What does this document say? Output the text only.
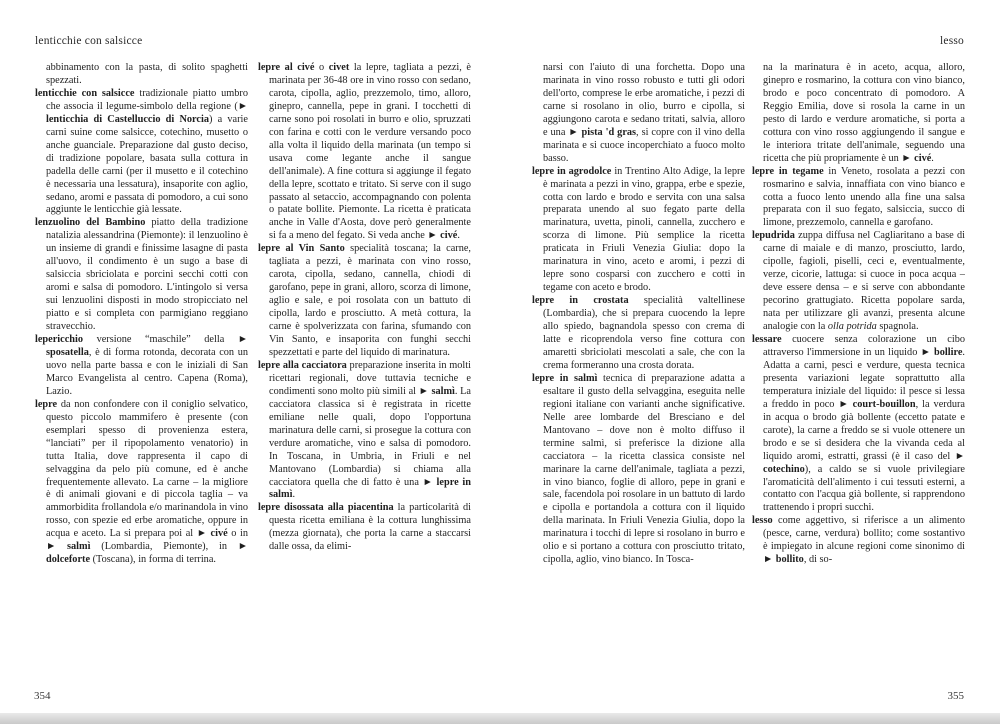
lenticchie con salsicce	lesso

abbinamento con la pasta, di solito spaghetti spezzati.

lenticchie con salsicce tradizionale piatto umbro che associa il legume-simbolo della regione (► lenticchia di Castelluccio di Norcia) a varie carni suine come salsicce, cotechino, musetto o anche guanciale. Preparazione dal gusto deciso, di tradizione popolare, basata sulla cottura in padella delle carni (per il musetto e il cotechino è necessaria una lessatura), insaporite con aglio, sedano, aromi e passata di pomodoro, a cui sono aggiunte le lenticchie già lessate.

lenzuolino del Bambino piatto della tradizione natalizia alessandrina (Piemonte): il lenzuolino è un insieme di grandi e finissime lasagne di pasta all'uovo, il condimento è un sugo a base di salsiccia sbriciolata e porcini secchi cotti con aromi e salsa di pomodoro. L'intingolo si versa sui lenzuolini disposti in modo stropicciato nel piatto e si completa con parmigiano reggiano stravecchio.

lepericchio versione “maschile” della ► sposatella, è di forma rotonda, decorata con un uovo nella parte bassa e con le iniziali di San Marco Evangelista al centro. Capena (Roma), Lazio.

lepre da non confondere con il coniglio selvatico, questo piccolo mammifero è presente (con esemplari spesso di provenienza estera, “lanciati” per il ripopolamento venatorio) in tutta Italia, dove rappresenta il capo di selvaggina da pelo più comune, ed è anche frequentemente allevato. La carne – la migliore è di animali giovani e di piccola taglia – va ammorbidita frollandola e/o marinandola in vino rosso, con spezie ed erbe aromatiche, oppure in acqua e aceto. La si prepara poi al ► civé o in ► salmì (Lombardia, Piemonte), in ► dolceforte (Toscana), in forma di terrina.

lepre al civé o civet la lepre, tagliata a pezzi, è marinata per 36-48 ore in vino rosso con sedano, carota, cipolla, aglio, prezzemolo, timo, alloro, ginepro, cannella, pepe in grani. I tocchetti di carne sono poi rosolati in burro e olio, spruzzati con farina e cotti con le verdure versando poco alla volta il liquido della marinata (un tempo si usava come legante anche il sangue dell'animale). A fine cottura si aggiunge il fegato della lepre, scottato e tritato. Si serve con il sugo passato al setaccio, accompagnando con polenta o patate bollite. Piemonte. La ricetta è praticata anche in Valle d'Aosta, dove però generalmente si fa a meno del fegato. Si veda anche ► civé.

lepre al Vin Santo specialità toscana; la carne, tagliata a pezzi, è marinata con vino rosso, carota, cipolla, sedano, cannella, chiodi di garofano, pepe in grani, alloro, scorza di limone, aglio e sale, e poi rosolata con un battuto di cipolla, lardo e prosciutto. A metà cottura, la carne è spolverizzata con farina, sfumando con Vin Santo, e insaporita con funghi secchi spezzettati e parte del liquido di marinatura.

lepre alla cacciatora preparazione inserita in molti ricettari regionali, dove tuttavia tecniche e condimenti sono molto più simili al ► salmì. La cacciatora classica si è registrata in ricette emiliane nelle quali, dopo l'opportuna marinatura delle carni, si prosegue la cottura con verdure aromatiche, vino e salsa di pomodoro. In Toscana, in Umbria, in Friuli e nel Mantovano (Lombardia) si chiama alla cacciatora quella che di fatto è una ► lepre in salmì.

lepre disossata alla piacentina la particolarità di questa ricetta emiliana è la cottura lunghissima (mezza giornata), che porta la carne a staccarsi dalle ossa, da elimi-

narsi con l'aiuto di una forchetta. Dopo una marinata in vino rosso robusto e tutti gli odori dell'orto, comprese le erbe aromatiche, i pezzi di carne si rosolano in olio, burro e cipolla, si aggiungono carota e sedano tritati, salvia, alloro e una ► pista 'd gras, si copre con il vino della marinata e si cuoce incoperchiato a fuoco molto basso.

lepre in agrodolce in Trentino Alto Adige, la lepre è marinata a pezzi in vino, grappa, erbe e spezie, cotta con lardo e brodo e servita con una salsa preparata unendo al suo fegato parte della marinatura, uvetta, pinoli, cannella, zucchero e scorza di limone. Più semplice la ricetta praticata in Friuli Venezia Giulia: dopo la marinatura in vino, aceto e aromi, i pezzi di lepre sono cosparsi con zucchero e cotti in tegame con aceto e brodo.

lepre in crostata specialità valtellinese (Lombardia), che si prepara cuocendo la lepre allo spiedo, bagnandola spesso con crema di latte e ricoprendola verso fine cottura con amaretti sbriciolati mescolati a sale, che con la crema formeranno una crosta dorata.

lepre in salmì tecnica di preparazione adatta a esaltare il gusto della selvaggina, eseguita nelle regioni italiane con varianti anche significative. Nelle aree lombarde del Bresciano e del Mantovano – dove non è molto diffuso il termine salmì, si preferisce la dizione alla cacciatora – la ricetta classica consiste nel marinare la carne dell'animale, tagliata a pezzi, in vino bianco, foglie di alloro, pepe in grani e sale, facendola poi rosolare in un battuto di lardo e cipolla e portandola a cottura con il liquido della marinata. In Friuli Venezia Giulia, dopo la marinatura i tocchi di lepre si rosolano in burro e olio e si portano a cottura con prosciutto tritato, cipolla, aglio, vino bianco. In Tosca-

na la marinatura è in aceto, acqua, alloro, ginepro e rosmarino, la cottura con vino bianco, brodo e poco concentrato di pomodoro. A Reggio Emilia, dove si rosola la carne in un pesto di lardo e verdure aromatiche, si porta a cottura con vino rosso aggiungendo il sangue e le interiora tritate dell'animale, seguendo una ricetta che più propriamente è un ► civé.

lepre in tegame in Veneto, rosolata a pezzi con rosmarino e salvia, innaffiata con vino bianco e cotta a fuoco lento unendo alla fine una salsa preparata con il suo fegato, salsiccia, succo di limone, prezzemolo, cannella e garofano.

lepudrida zuppa diffusa nel Cagliaritano a base di carne di maiale e di manzo, prosciutto, lardo, cipolle, fagioli, piselli, ceci e, eventualmente, verze, cicorie, lattuga: si cuoce in poca acqua – deve essere densa – e si serve con abbondante pecorino grattugiato. Ricetta popolare sarda, nata per utilizzare gli avanzi, presenta alcune analogie con la olla potrida spagnola.

lessare cuocere senza colorazione un cibo attraverso l'immersione in un liquido ► bollire. Adatta a carni, pesci e verdure, questa tecnica presenta variazioni legate soprattutto alla temperatura iniziale del liquido: il pesce si lessa a freddo in poco ► court-bouillon, la verdura in acqua o brodo già bollente (eccetto patate e carote), la carne a freddo se si vuole ottenere un brodo e se si desidera che la vivanda ceda al liquido aromi, estratti, grassi (è il caso del ► cotechino), a caldo se si vuole privilegiare l'aromaticità dell'alimento i cui tessuti esterni, a contatto con l'acqua già bollente, si rapprendono trattenendo i propri succhi.

lesso come aggettivo, si riferisce a un alimento (pesce, carne, verdura) bollito; come sostantivo è impiegato in alcune regioni come sinonimo di ► bollito, di so-

354	355
